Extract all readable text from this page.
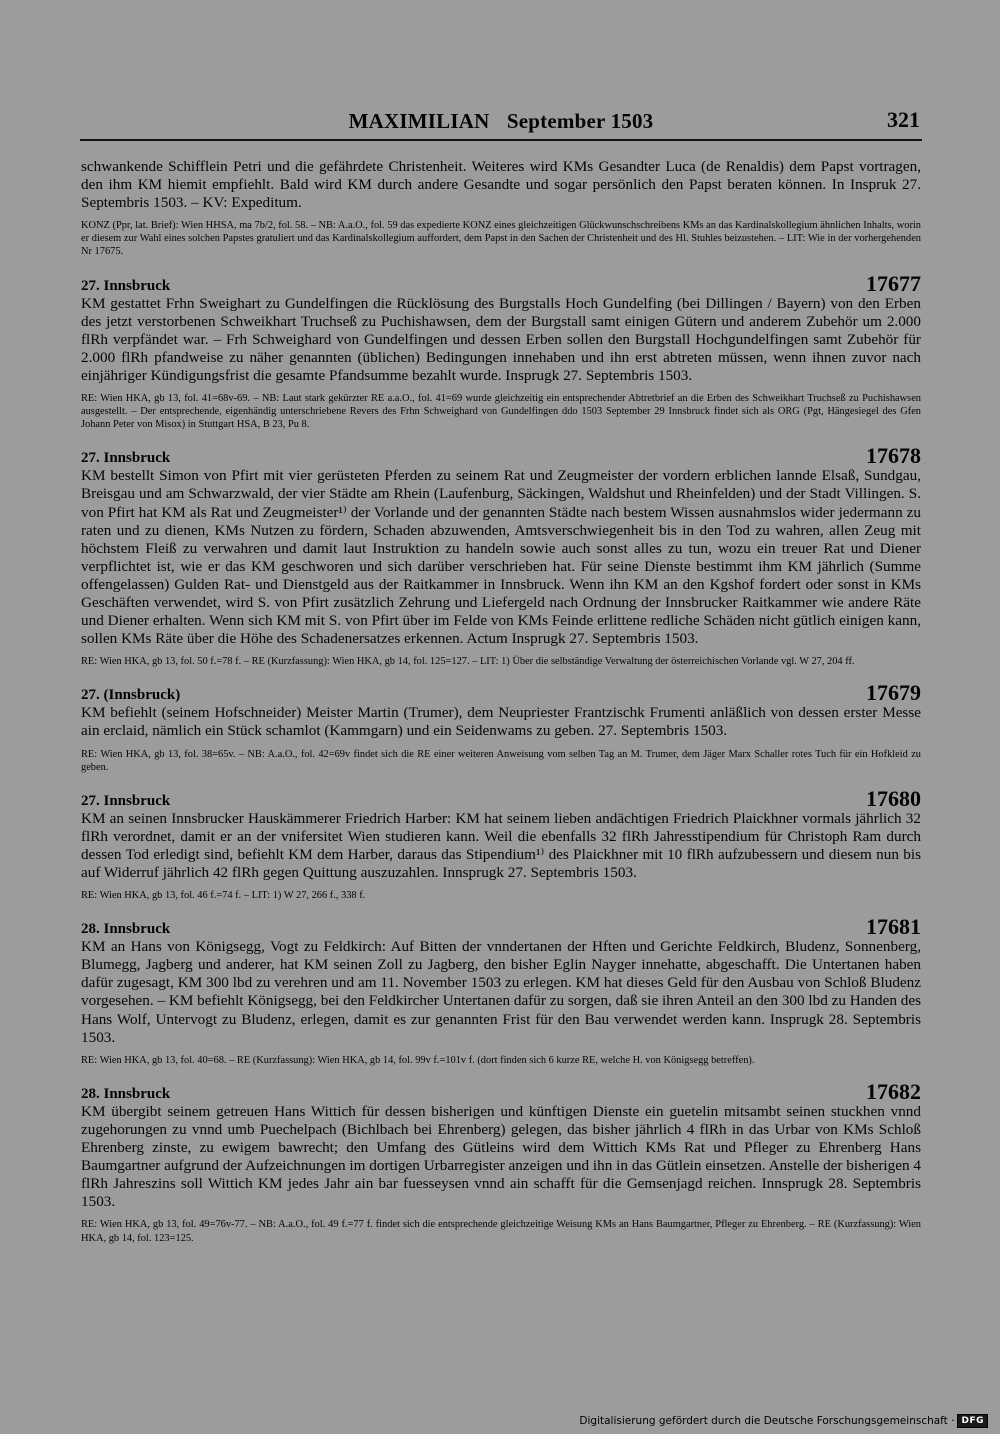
MAXIMILIAN September 1503	321

schwankende Schifflein Petri und die gefährdete Christenheit. Weiteres wird KMs Gesandter Luca (de Renaldis) dem Papst vortragen, den ihm KM hiemit empfiehlt. Bald wird KM durch andere Gesandte und sogar persönlich den Papst beraten können. In Inspruk 27. Septembris 1503. – KV: Expeditum.

KONZ (Ppr, lat. Brief): Wien HHSA, ma 7b/2, fol. 58. – NB: A.a.O., fol. 59 das expedierte KONZ eines gleichzeitigen Glückwunschschreibens KMs an das Kardinalskollegium ähnlichen Inhalts, worin er diesem zur Wahl eines solchen Papstes gratuliert und das Kardinalskollegium auffordert, dem Papst in den Sachen der Christenheit und des Hl. Stuhles beizustehen. – LIT: Wie in der vorhergehenden Nr 17675.

27. Innsbruck	17677

KM gestattet Frhn Sweighart zu Gundelfingen die Rücklösung des Burgstalls Hoch Gundelfing (bei Dillingen / Bayern) von den Erben des jetzt verstorbenen Schweikhart Truchseß zu Puchishawsen, dem der Burgstall samt einigen Gütern und anderem Zubehör um 2.000 flRh verpfändet war. – Frh Schweighard von Gundelfingen und dessen Erben sollen den Burgstall Hochgundelfingen samt Zubehör für 2.000 flRh pfandweise zu näher genannten (üblichen) Bedingungen innehaben und ihn erst abtreten müssen, wenn ihnen zuvor nach einjähriger Kündigungsfrist die gesamte Pfandsumme bezahlt wurde. Insprugk 27. Septembris 1503.

RE: Wien HKA, gb 13, fol. 41=68v-69. – NB: Laut stark gekürzter RE a.a.O., fol. 41=69 wurde gleichzeitig ein entsprechender Abtretbrief an die Erben des Schweikhart Truchseß zu Puchishawsen ausgestellt. – Der entsprechende, eigenhändig unterschriebene Revers des Frhn Schweighard von Gundelfingen ddo 1503 September 29 Innsbruck findet sich als ORG (Pgt, Hängesiegel des Gfen Johann Peter von Misox) in Stuttgart HSA, B 23, Pu 8.

27. Innsbruck	17678

KM bestellt Simon von Pfirt mit vier gerüsteten Pferden zu seinem Rat und Zeugmeister der vordern erblichen lannde Elsaß, Sundgau, Breisgau und am Schwarzwald, der vier Städte am Rhein (Laufenburg, Säckingen, Waldshut und Rheinfelden) und der Stadt Villingen. S. von Pfirt hat KM als Rat und Zeugmeister¹⁾ der Vorlande und der genannten Städte nach bestem Wissen ausnahmslos wider jedermann zu raten und zu dienen, KMs Nutzen zu fördern, Schaden abzuwenden, Amtsverschwiegenheit bis in den Tod zu wahren, allen Zeug mit höchstem Fleiß zu verwahren und damit laut Instruktion zu handeln sowie auch sonst alles zu tun, wozu ein treuer Rat und Diener verpflichtet ist, wie er das KM geschworen und sich darüber verschrieben hat. Für seine Dienste bestimmt ihm KM jährlich (Summe offengelassen) Gulden Rat- und Dienstgeld aus der Raitkammer in Innsbruck. Wenn ihn KM an den Kgshof fordert oder sonst in KMs Geschäften verwendet, wird S. von Pfirt zusätzlich Zehrung und Liefergeld nach Ordnung der Innsbrucker Raitkammer wie andere Räte und Diener erhalten. Wenn sich KM mit S. von Pfirt über im Felde von KMs Feinde erlittene redliche Schäden nicht gütlich einigen kann, sollen KMs Räte über die Höhe des Schadenersatzes erkennen. Actum Insprugk 27. Septembris 1503.

RE: Wien HKA, gb 13, fol. 50 f.=78 f. – RE (Kurzfassung): Wien HKA, gb 14, fol. 125=127. – LIT: 1) Über die selbständige Verwaltung der österreichischen Vorlande vgl. W 27, 204 ff.

27. (Innsbruck)	17679

KM befiehlt (seinem Hofschneider) Meister Martin (Trumer), dem Neupriester Frantzischk Frumenti anläßlich von dessen erster Messe ain erclaid, nämlich ein Stück schamlot (Kammgarn) und ein Seidenwams zu geben. 27. Septembris 1503.

RE: Wien HKA, gb 13, fol. 38=65v. – NB: A.a.O., fol. 42=69v findet sich die RE einer weiteren Anweisung vom selben Tag an M. Trumer, dem Jäger Marx Schaller rotes Tuch für ein Hofkleid zu geben.

27. Innsbruck	17680

KM an seinen Innsbrucker Hauskämmerer Friedrich Harber: KM hat seinem lieben andächtigen Friedrich Plaickhner vormals jährlich 32 flRh verordnet, damit er an der vnifersitet Wien studieren kann. Weil die ebenfalls 32 flRh Jahresstipendium für Christoph Ram durch dessen Tod erledigt sind, befiehlt KM dem Harber, daraus das Stipendium¹⁾ des Plaickhner mit 10 flRh aufzubessern und diesem nun bis auf Widerruf jährlich 42 flRh gegen Quittung auszuzahlen. Innsprugk 27. Septembris 1503.

RE: Wien HKA, gb 13, fol. 46 f.=74 f. – LIT: 1) W 27, 266 f., 338 f.

28. Innsbruck	17681

KM an Hans von Königsegg, Vogt zu Feldkirch: Auf Bitten der vnndertanen der Hften und Gerichte Feldkirch, Bludenz, Sonnenberg, Blumegg, Jagberg und anderer, hat KM seinen Zoll zu Jagberg, den bisher Eglin Nayger innehatte, abgeschafft. Die Untertanen haben dafür zugesagt, KM 300 lbd zu verehren und am 11. November 1503 zu erlegen. KM hat dieses Geld für den Ausbau von Schloß Bludenz vorgesehen. – KM befiehlt Königsegg, bei den Feldkircher Untertanen dafür zu sorgen, daß sie ihren Anteil an den 300 lbd zu Handen des Hans Wolf, Untervogt zu Bludenz, erlegen, damit es zur genannten Frist für den Bau verwendet werden kann. Insprugk 28. Septembris 1503.

RE: Wien HKA, gb 13, fol. 40=68. – RE (Kurzfassung): Wien HKA, gb 14, fol. 99v f.=101v f. (dort finden sich 6 kurze RE, welche H. von Königsegg betreffen).

28. Innsbruck	17682

KM übergibt seinem getreuen Hans Wittich für dessen bisherigen und künftigen Dienste ein guetelin mitsambt seinen stuckhen vnnd zugehorungen zu vnnd umb Puechelpach (Bichlbach bei Ehrenberg) gelegen, das bisher jährlich 4 flRh in das Urbar von KMs Schloß Ehrenberg zinste, zu ewigem bawrecht; den Umfang des Gütleins wird dem Wittich KMs Rat und Pfleger zu Ehrenberg Hans Baumgartner aufgrund der Aufzeichnungen im dortigen Urbarregister anzeigen und ihn in das Gütlein einsetzen. Anstelle der bisherigen 4 flRh Jahreszins soll Wittich KM jedes Jahr ain bar fuesseysen vnnd ain schafft für die Gemsenjagd reichen. Innsprugk 28. Septembris 1503.

RE: Wien HKA, gb 13, fol. 49=76v-77. – NB: A.a.O., fol. 49 f.=77 f. findet sich die entsprechende gleichzeitige Weisung KMs an Hans Baumgartner, Pfleger zu Ehrenberg. – RE (Kurzfassung): Wien HKA, gb 14, fol. 123=125.

Digitalisierung gefördert durch die Deutsche Forschungsgemeinschaft · DFG
